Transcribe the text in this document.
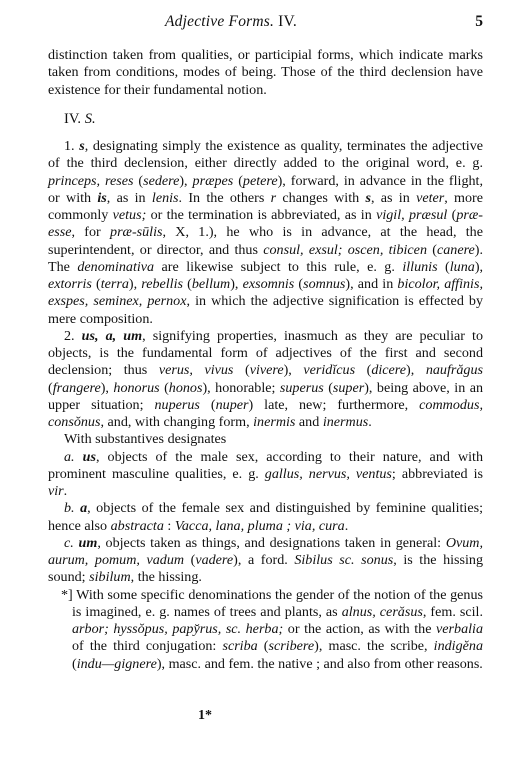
Adjective Forms. IV.	5

distinction taken from qualities, or participial forms, which indicate marks taken from conditions, modes of being. Those of the third declension have existence for their fundamental notion.

IV. S.

1. s, designating simply the existence as quality, terminates the adjective of the third declension, either directly added to the original word, e. g. princeps, reses (sedere), præpes (petere), forward, in advance in the flight, or with is, as in lenis. In the others r changes with s, as in veter, more commonly vetus; or the termination is abbreviated, as in vigil, præsul (præ-esse, for præ-sūlis, X, 1.), he who is in advance, at the head, the superintendent, or director, and thus consul, exsul; oscen, tibicen (canere). The denominativa are likewise subject to this rule, e. g. illunis (luna), extorris (terra), rebellis (bellum), exsomnis (somnus), and in bicolor, affinis, exspes, seminex, pernox, in which the adjective signification is effected by mere composition.

2. us, a, um, signifying properties, inasmuch as they are peculiar to objects, is the fundamental form of adjectives of the first and second declension; thus verus, vivus (vivere), veridĭcus (dicere), naufrăgus (frangere), honorus (honos), honorable; superus (super), being above, in an upper situation; nuperus (nuper) late, new; furthermore, commodus, consŏnus, and, with changing form, inermis and inermus.

With substantives designates

a. us, objects of the male sex, according to their nature, and with prominent masculine qualities, e. g. gallus, nervus, ventus; abbreviated is vir.

b. a, objects of the female sex and distinguished by feminine qualities; hence also abstracta : Vacca, lana, pluma ; via, cura.

c. um, objects taken as things, and designations taken in general: Ovum, aurum, pomum, vadum (vadere), a ford. Sibilus sc. sonus, is the hissing sound; sibilum, the hissing.

*] With some specific denominations the gender of the notion of the genus is imagined, e. g. names of trees and plants, as alnus, cerăsus, fem. scil. arbor; hyssŏpus, papy̆rus, sc. herba; or the action, as with the verbalia of the third conjugation: scriba (scribere), masc. the scribe, indigĕna (indu—gignere), masc. and fem. the native ; and also from other reasons.

1*
